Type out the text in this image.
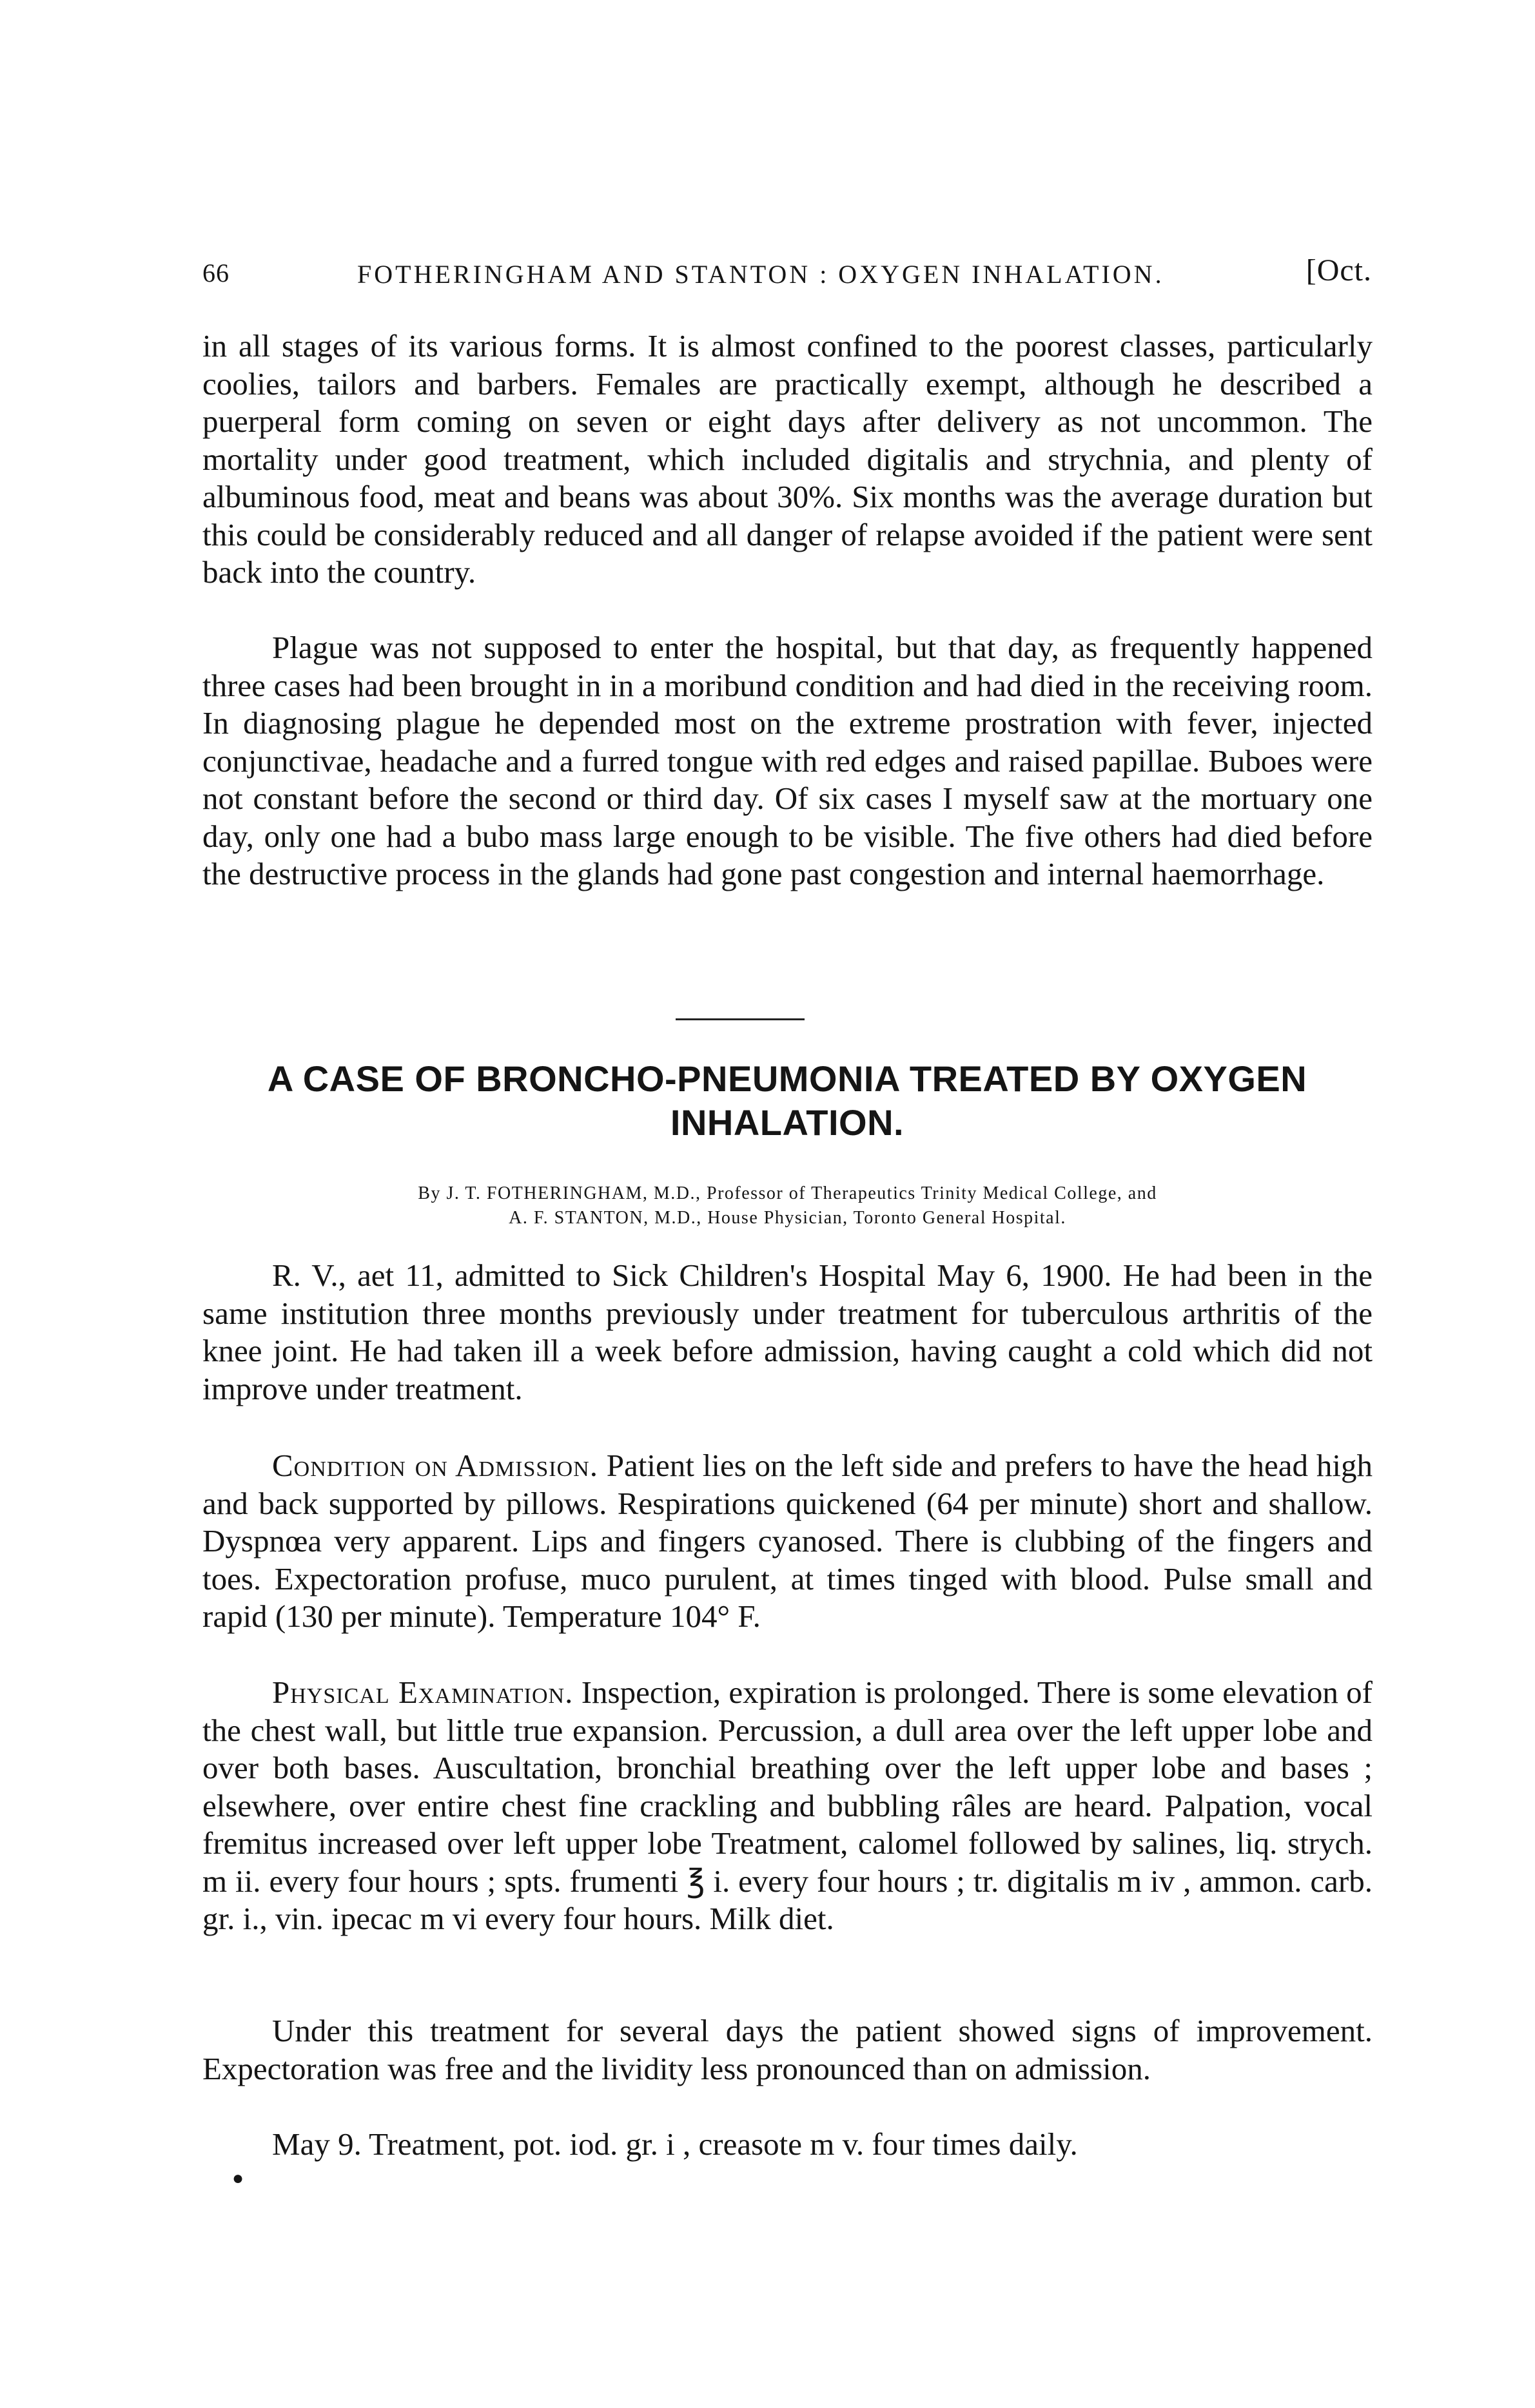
66	FOTHERINGHAM AND STANTON : OXYGEN INHALATION.	[Oct.

in all stages of its various forms. It is almost confined to the poorest classes, particularly coolies, tailors and barbers. Females are practically exempt, although he described a puerperal form coming on seven or eight days after delivery as not uncommon. The mortality under good treatment, which included digitalis and strychnia, and plenty of albuminous food, meat and beans was about 30%. Six months was the average duration but this could be considerably reduced and all danger of relapse avoided if the patient were sent back into the country.

Plague was not supposed to enter the hospital, but that day, as frequently happened three cases had been brought in in a moribund condition and had died in the receiving room. In diagnosing plague he depended most on the extreme prostration with fever, injected conjunctivae, headache and a furred tongue with red edges and raised papillae. Buboes were not constant before the second or third day. Of six cases I myself saw at the mortuary one day, only one had a bubo mass large enough to be visible. The five others had died before the destructive process in the glands had gone past congestion and internal haemorrhage.

A CASE OF BRONCHO-PNEUMONIA TREATED BY OXYGEN INHALATION.
By J. T. FOTHERINGHAM, M.D., Professor of Therapeutics Trinity Medical College, and
A. F. STANTON, M.D., House Physician, Toronto General Hospital.

R. V., aet 11, admitted to Sick Children's Hospital May 6, 1900. He had been in the same institution three months previously under treatment for tuberculous arthritis of the knee joint. He had taken ill a week before admission, having caught a cold which did not improve under treatment.

Condition on Admission. Patient lies on the left side and prefers to have the head high and back supported by pillows. Respirations quickened (64 per minute) short and shallow. Dyspnœa very apparent. Lips and fingers cyanosed. There is clubbing of the fingers and toes. Expectoration profuse, muco purulent, at times tinged with blood. Pulse small and rapid (130 per minute). Temperature 104° F.

Physical Examination. Inspection, expiration is prolonged. There is some elevation of the chest wall, but little true expansion. Percussion, a dull area over the left upper lobe and over both bases. Auscultation, bronchial breathing over the left upper lobe and bases ; elsewhere, over entire chest fine crackling and bubbling râles are heard. Palpation, vocal fremitus increased over left upper lobe Treatment, calomel followed by salines, liq. strych. m ii. every four hours ; spts. frumenti ℥ i. every four hours ; tr. digitalis m iv , ammon. carb. gr. i., vin. ipecac m vi every four hours. Milk diet.

Under this treatment for several days the patient showed signs of improvement. Expectoration was free and the lividity less pronounced than on admission.

May 9. Treatment, pot. iod. gr. i , creasote m v. four times daily.

●
